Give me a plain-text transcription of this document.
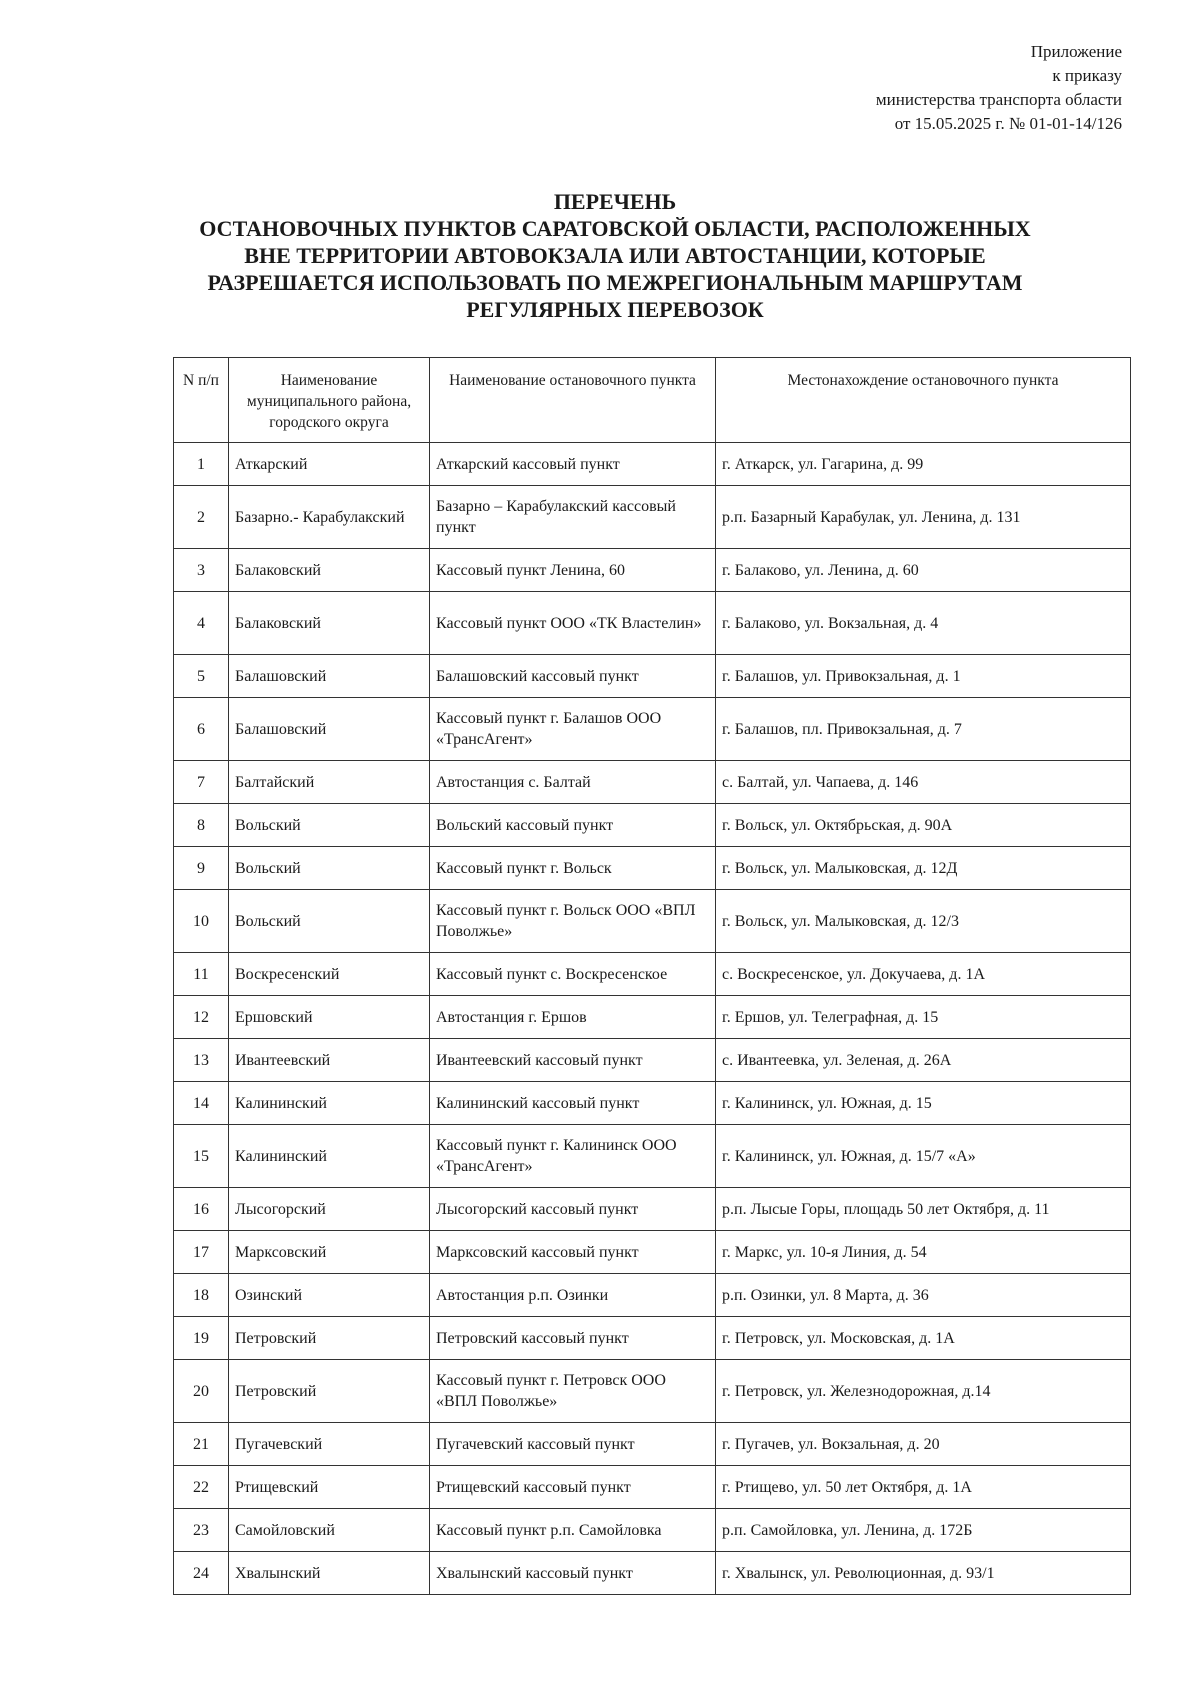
Приложение
к приказу
министерства транспорта области
от 15.05.2025 г. № 01-01-14/126
ПЕРЕЧЕНЬ
ОСТАНОВОЧНЫХ ПУНКТОВ САРАТОВСКОЙ ОБЛАСТИ, РАСПОЛОЖЕННЫХ
ВНЕ ТЕРРИТОРИИ АВТОВОКЗАЛА ИЛИ АВТОСТАНЦИИ, КОТОРЫЕ
РАЗРЕШАЕТСЯ ИСПОЛЬЗОВАТЬ ПО МЕЖРЕГИОНАЛЬНЫМ МАРШРУТАМ
РЕГУЛЯРНЫХ ПЕРЕВОЗОК
N п/п	Наименование муниципального района, городского округа	Наименование остановочного пункта	Местонахождение остановочного пункта
1	Аткарский	Аткарский кассовый пункт	г. Аткарск, ул. Гагарина, д. 99
2	Базарно.- Карабулакский	Базарно – Карабулакский кассовый пункт	р.п. Базарный Карабулак, ул. Ленина, д. 131
3	Балаковский	Кассовый пункт Ленина, 60	г. Балаково, ул. Ленина, д. 60
4	Балаковский	Кассовый пункт ООО «ТК Властелин»	г. Балаково, ул. Вокзальная, д. 4
5	Балашовский	Балашовский кассовый пункт	г. Балашов, ул. Привокзальная, д. 1
6	Балашовский	Кассовый пункт г. Балашов ООО «ТрансАгент»	г. Балашов, пл. Привокзальная, д. 7
7	Балтайский	Автостанция с. Балтай	с. Балтай, ул. Чапаева, д. 146
8	Вольский	Вольский кассовый пункт	г. Вольск, ул. Октябрьская, д. 90А
9	Вольский	Кассовый пункт г. Вольск	г. Вольск, ул. Малыковская, д. 12Д
10	Вольский	Кассовый пункт г. Вольск ООО «ВПЛ Поволжье»	г. Вольск, ул. Малыковская, д. 12/3
11	Воскресенский	Кассовый пункт с. Воскресенское	с. Воскресенское, ул. Докучаева, д. 1А
12	Ершовский	Автостанция г. Ершов	г. Ершов, ул. Телеграфная, д. 15
13	Ивантеевский	Ивантеевский кассовый пункт	с. Ивантеевка, ул. Зеленая, д. 26А
14	Калининский	Калининский кассовый пункт	г. Калининск, ул. Южная, д. 15
15	Калининский	Кассовый пункт г. Калининск ООО «ТрансАгент»	г. Калининск, ул. Южная, д. 15/7 «А»
16	Лысогорский	Лысогорский кассовый пункт	р.п. Лысые Горы, площадь 50 лет Октября, д. 11
17	Марксовский	Марксовский кассовый пункт	г. Маркс, ул. 10-я Линия, д. 54
18	Озинский	Автостанция р.п. Озинки	р.п. Озинки, ул. 8 Марта, д. 36
19	Петровский	Петровский кассовый пункт	г. Петровск, ул. Московская, д. 1А
20	Петровский	Кассовый пункт г. Петровск ООО «ВПЛ Поволжье»	г. Петровск, ул. Железнодорожная, д.14
21	Пугачевский	Пугачевский кассовый пункт	г. Пугачев, ул. Вокзальная, д. 20
22	Ртищевский	Ртищевский кассовый пункт	г. Ртищево, ул. 50 лет Октября, д. 1А
23	Самойловский	Кассовый пункт р.п. Самойловка	р.п. Самойловка, ул. Ленина, д. 172Б
24	Хвалынский	Хвалынский кассовый пункт	г. Хвалынск, ул. Революционная, д. 93/1
